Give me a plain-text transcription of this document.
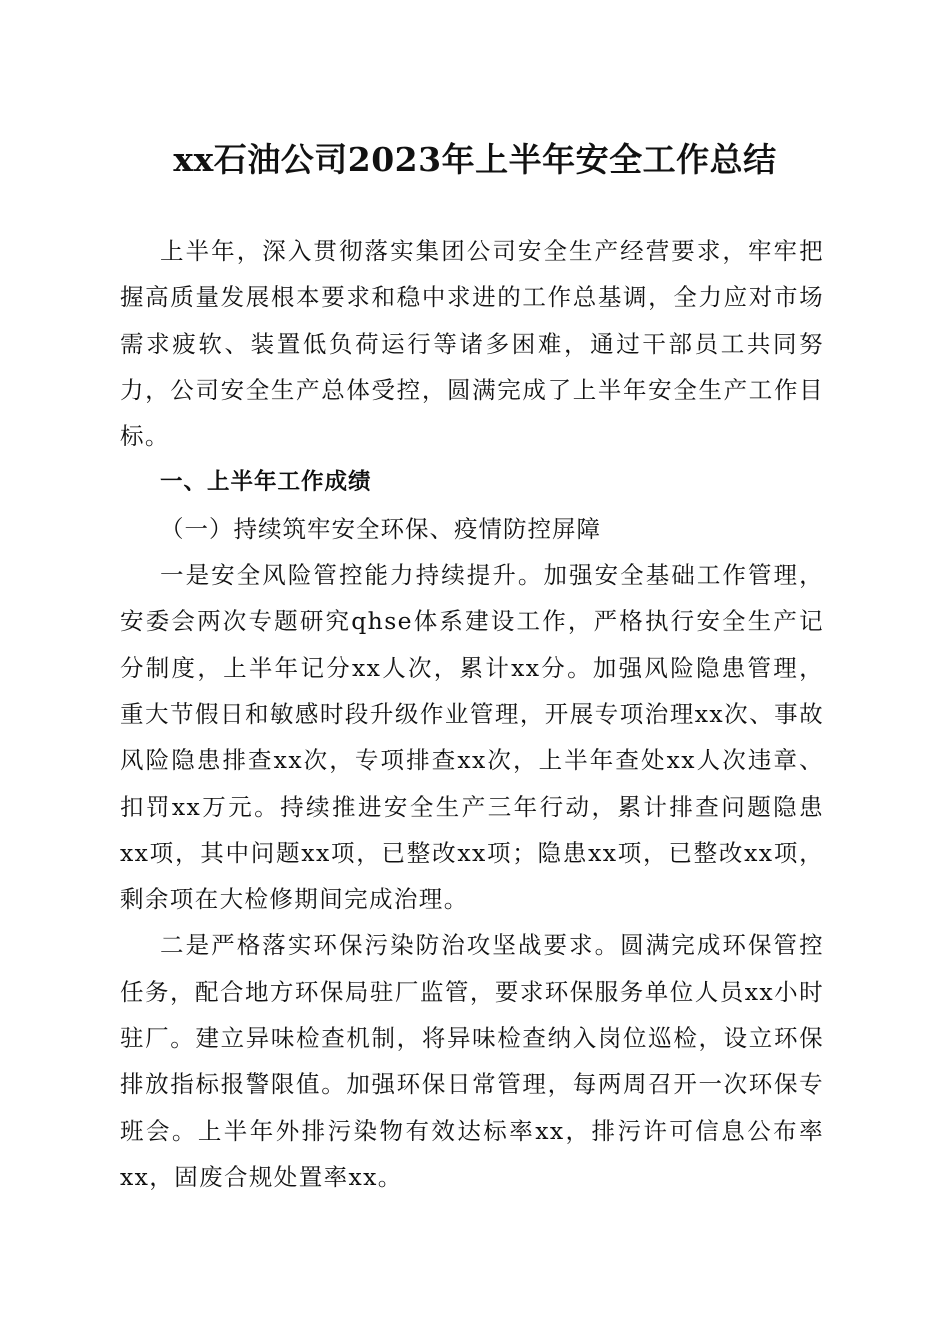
xx石油公司2023年上半年安全工作总结

上半年，深入贯彻落实集团公司安全生产经营要求，牢牢把握高质量发展根本要求和稳中求进的工作总基调，全力应对市场需求疲软、装置低负荷运行等诸多困难，通过干部员工共同努力，公司安全生产总体受控，圆满完成了上半年安全生产工作目标。

一、上半年工作成绩

（一）持续筑牢安全环保、疫情防控屏障

一是安全风险管控能力持续提升。加强安全基础工作管理，安委会两次专题研究qhse体系建设工作，严格执行安全生产记分制度，上半年记分xx人次，累计xx分。加强风险隐患管理，重大节假日和敏感时段升级作业管理，开展专项治理xx次、事故风险隐患排查xx次，专项排查xx次，上半年查处xx人次违章、扣罚xx万元。持续推进安全生产三年行动，累计排查问题隐患xx项，其中问题xx项，已整改xx项；隐患xx项，已整改xx项，剩余项在大检修期间完成治理。

二是严格落实环保污染防治攻坚战要求。圆满完成环保管控任务，配合地方环保局驻厂监管，要求环保服务单位人员xx小时驻厂。建立异味检查机制，将异味检查纳入岗位巡检，设立环保排放指标报警限值。加强环保日常管理，每两周召开一次环保专班会。上半年外排污染物有效达标率xx，排污许可信息公布率xx，固废合规处置率xx。
